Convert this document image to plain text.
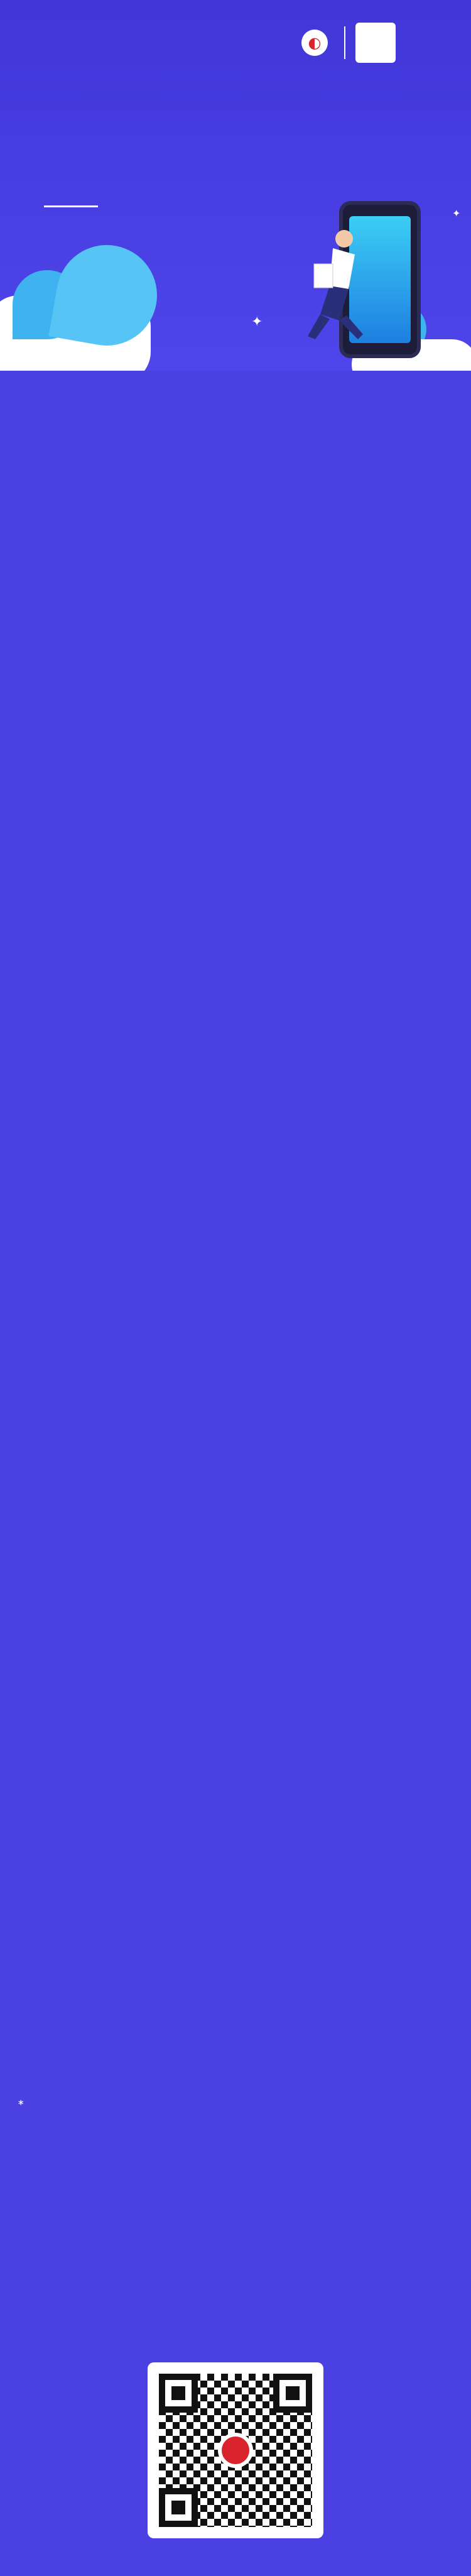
✦
✦
◐
